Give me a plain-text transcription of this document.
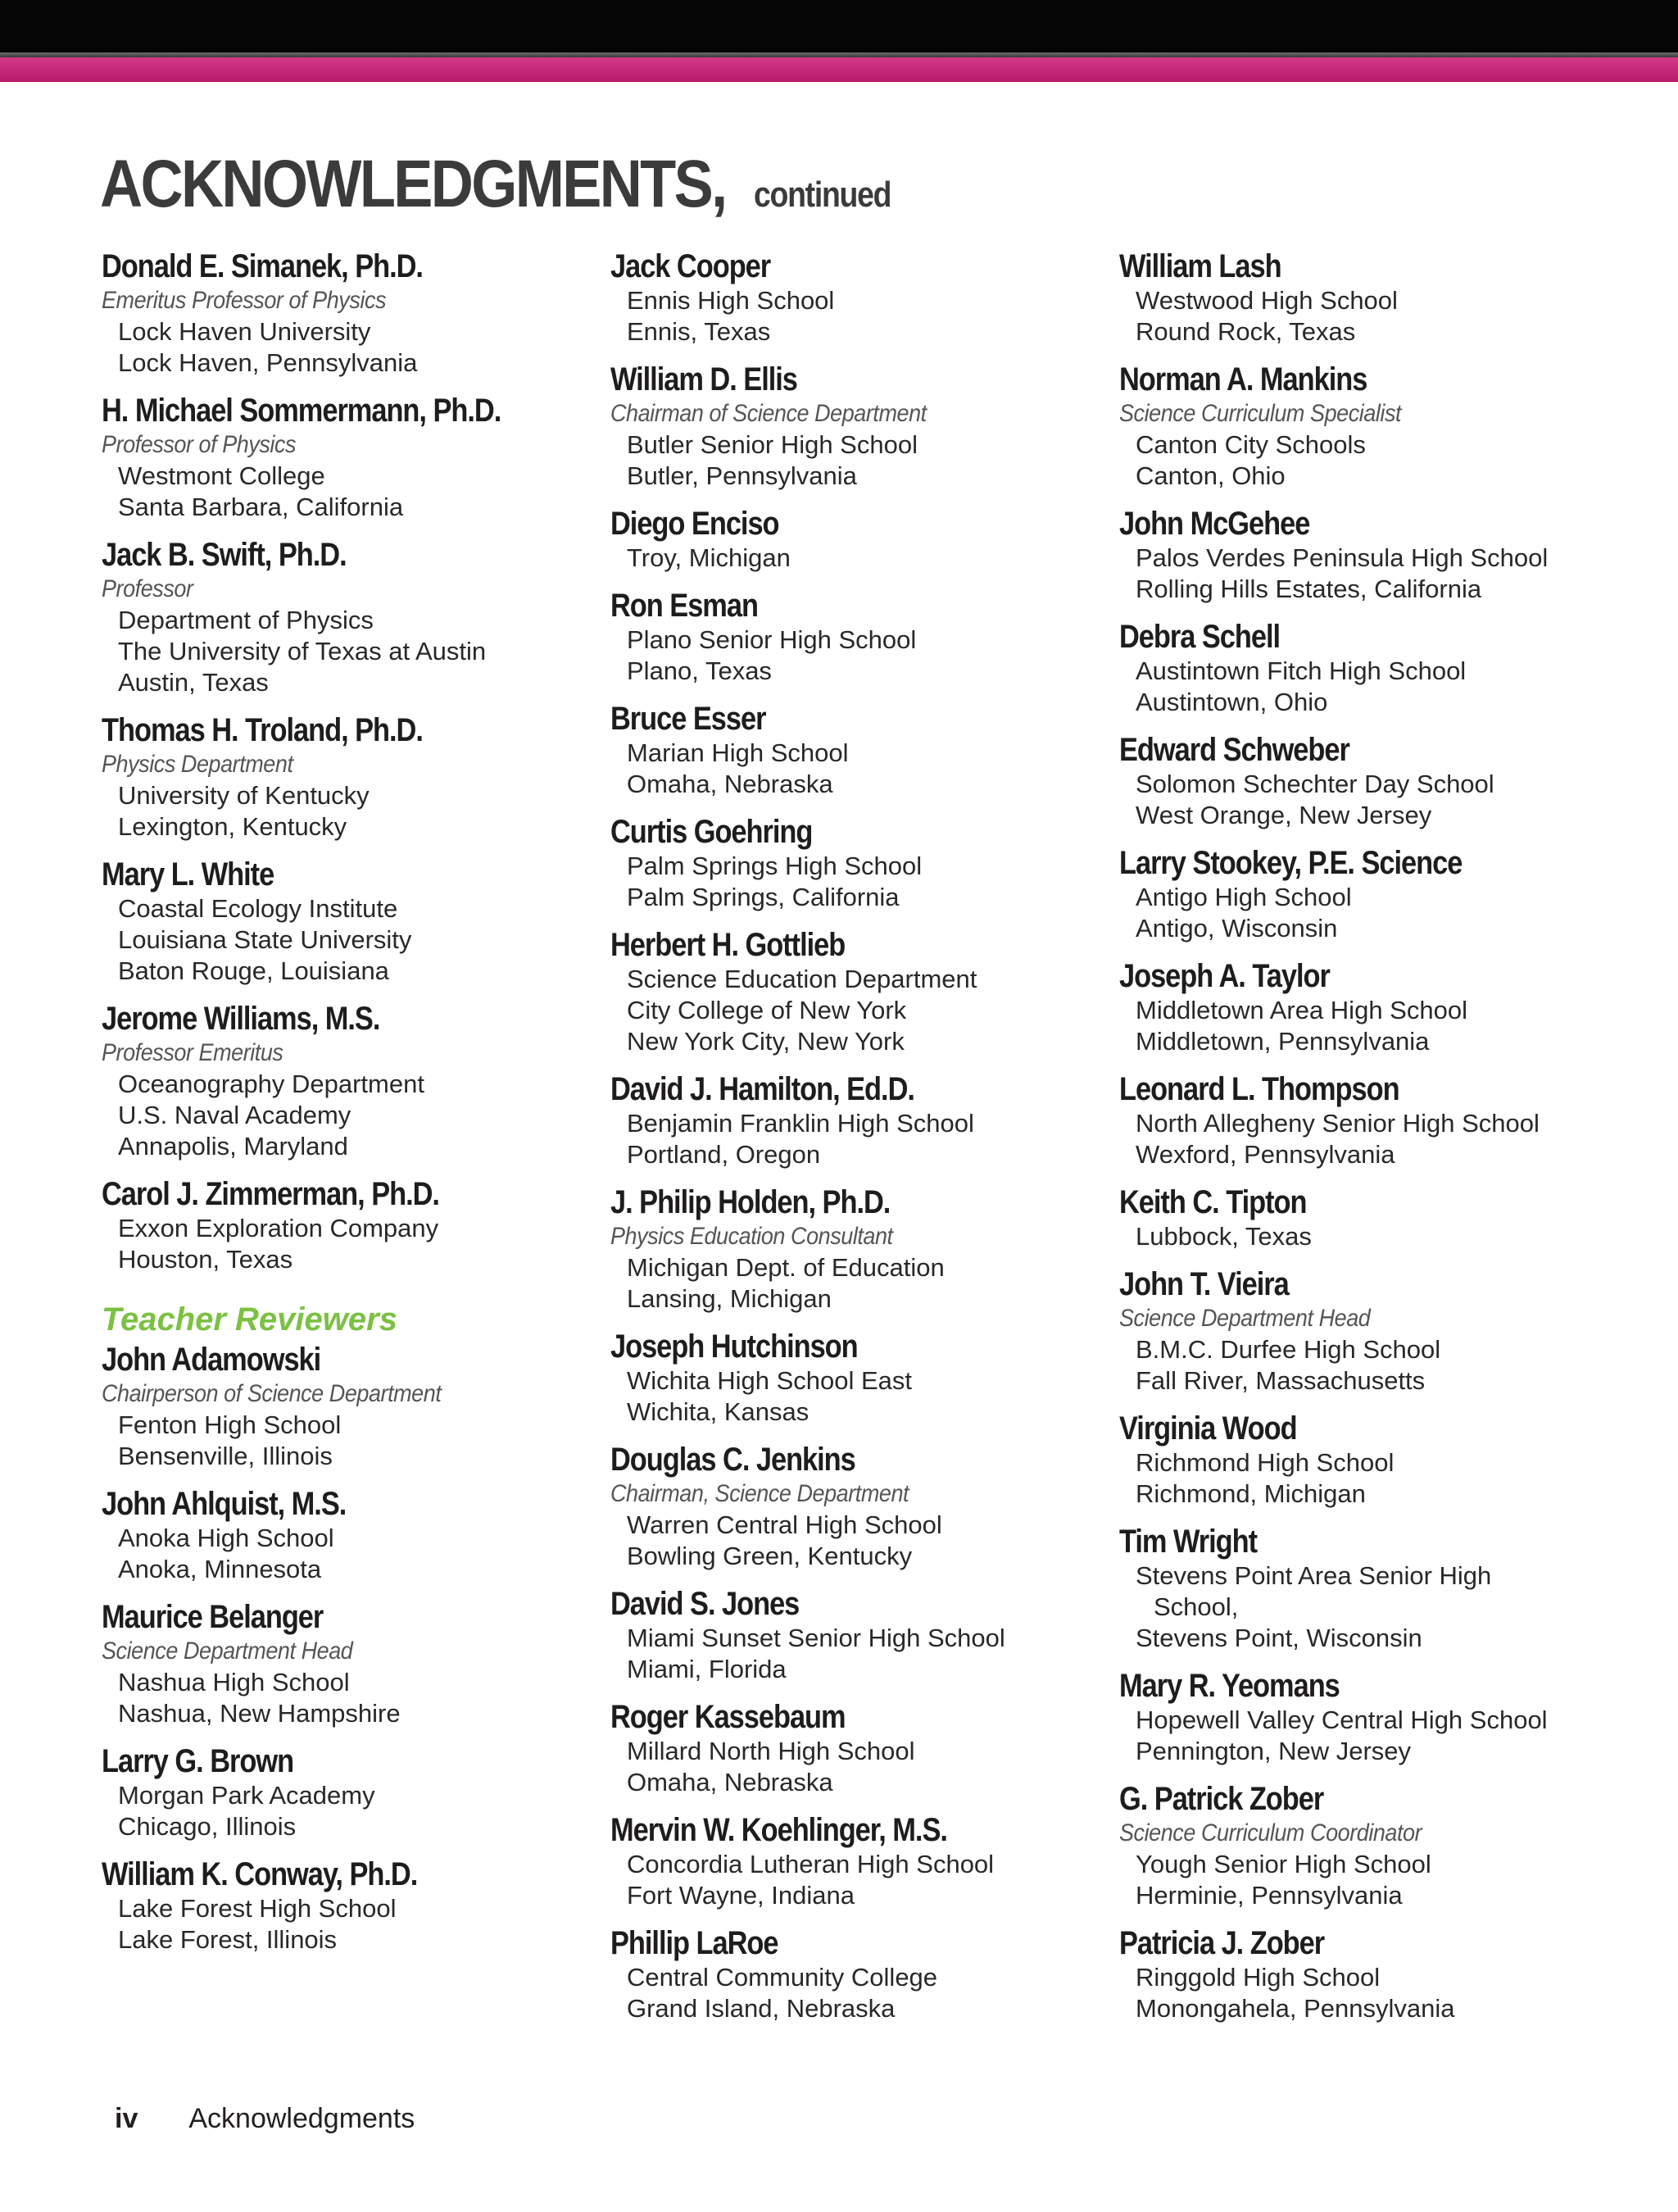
ACKNOWLEDGMENTS, continued
Donald E. Simanek, Ph.D.
Emeritus Professor of Physics
Lock Haven University
Lock Haven, Pennsylvania
H. Michael Sommermann, Ph.D.
Professor of Physics
Westmont College
Santa Barbara, California
Jack B. Swift, Ph.D.
Professor
Department of Physics
The University of Texas at Austin
Austin, Texas
Thomas H. Troland, Ph.D.
Physics Department
University of Kentucky
Lexington, Kentucky
Mary L. White
Coastal Ecology Institute
Louisiana State University
Baton Rouge, Louisiana
Jerome Williams, M.S.
Professor Emeritus
Oceanography Department
U.S. Naval Academy
Annapolis, Maryland
Carol J. Zimmerman, Ph.D.
Exxon Exploration Company
Houston, Texas
Teacher Reviewers
John Adamowski
Chairperson of Science Department
Fenton High School
Bensenville, Illinois
John Ahlquist, M.S.
Anoka High School
Anoka, Minnesota
Maurice Belanger
Science Department Head
Nashua High School
Nashua, New Hampshire
Larry G. Brown
Morgan Park Academy
Chicago, Illinois
William K. Conway, Ph.D.
Lake Forest High School
Lake Forest, Illinois
Jack Cooper
Ennis High School
Ennis, Texas
William D. Ellis
Chairman of Science Department
Butler Senior High School
Butler, Pennsylvania
Diego Enciso
Troy, Michigan
Ron Esman
Plano Senior High School
Plano, Texas
Bruce Esser
Marian High School
Omaha, Nebraska
Curtis Goehring
Palm Springs High School
Palm Springs, California
Herbert H. Gottlieb
Science Education Department
City College of New York
New York City, New York
David J. Hamilton, Ed.D.
Benjamin Franklin High School
Portland, Oregon
J. Philip Holden, Ph.D.
Physics Education Consultant
Michigan Dept. of Education
Lansing, Michigan
Joseph Hutchinson
Wichita High School East
Wichita, Kansas
Douglas C. Jenkins
Chairman, Science Department
Warren Central High School
Bowling Green, Kentucky
David S. Jones
Miami Sunset Senior High School
Miami, Florida
Roger Kassebaum
Millard North High School
Omaha, Nebraska
Mervin W. Koehlinger, M.S.
Concordia Lutheran High School
Fort Wayne, Indiana
Phillip LaRoe
Central Community College
Grand Island, Nebraska
William Lash
Westwood High School
Round Rock, Texas
Norman A. Mankins
Science Curriculum Specialist
Canton City Schools
Canton, Ohio
John McGehee
Palos Verdes Peninsula High School
Rolling Hills Estates, California
Debra Schell
Austintown Fitch High School
Austintown, Ohio
Edward Schweber
Solomon Schechter Day School
West Orange, New Jersey
Larry Stookey, P.E. Science
Antigo High School
Antigo, Wisconsin
Joseph A. Taylor
Middletown Area High School
Middletown, Pennsylvania
Leonard L. Thompson
North Allegheny Senior High School
Wexford, Pennsylvania
Keith C. Tipton
Lubbock, Texas
John T. Vieira
Science Department Head
B.M.C. Durfee High School
Fall River, Massachusetts
Virginia Wood
Richmond High School
Richmond, Michigan
Tim Wright
Stevens Point Area Senior High
School,
Stevens Point, Wisconsin
Mary R. Yeomans
Hopewell Valley Central High School
Pennington, New Jersey
G. Patrick Zober
Science Curriculum Coordinator
Yough Senior High School
Herminie, Pennsylvania
Patricia J. Zober
Ringgold High School
Monongahela, Pennsylvania
iv Acknowledgments
